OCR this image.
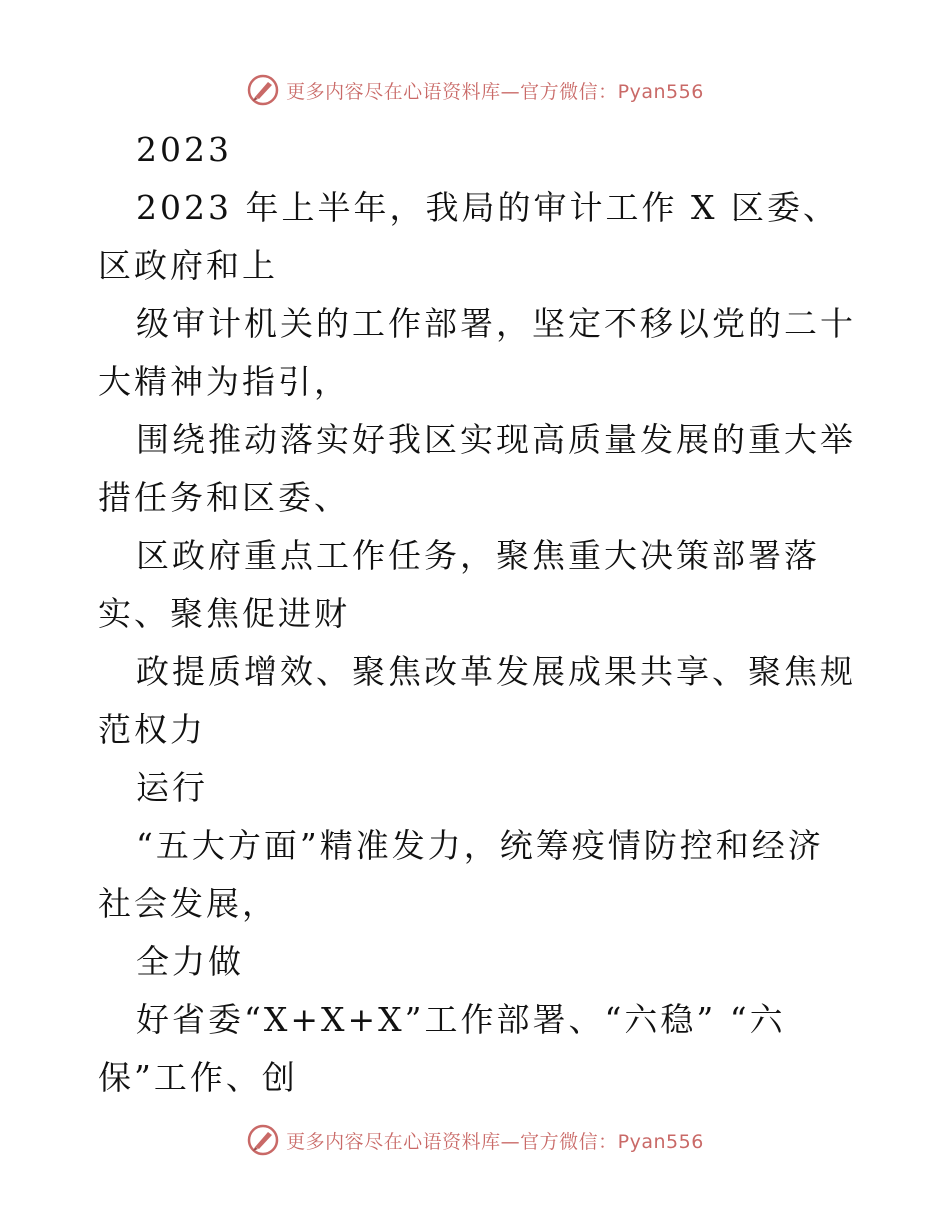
更多内容尽在心语资料库—官方微信：Pyan556

2023

2023 年上半年，我局的审计工作 X 区委、区政府和上

级审计机关的工作部署，坚定不移以党的二十大精神为指引，

围绕推动落实好我区实现高质量发展的重大举措任务和区委、

区政府重点工作任务，聚焦重大决策部署落实、聚焦促进财

政提质增效、聚焦改革发展成果共享、聚焦规范权力

运行

“五大方面”精准发力，统筹疫情防控和经济社会发展，

全力做

好省委“X+X+X”工作部署、“六稳” “六保”工作、创

更多内容尽在心语资料库—官方微信：Pyan556
